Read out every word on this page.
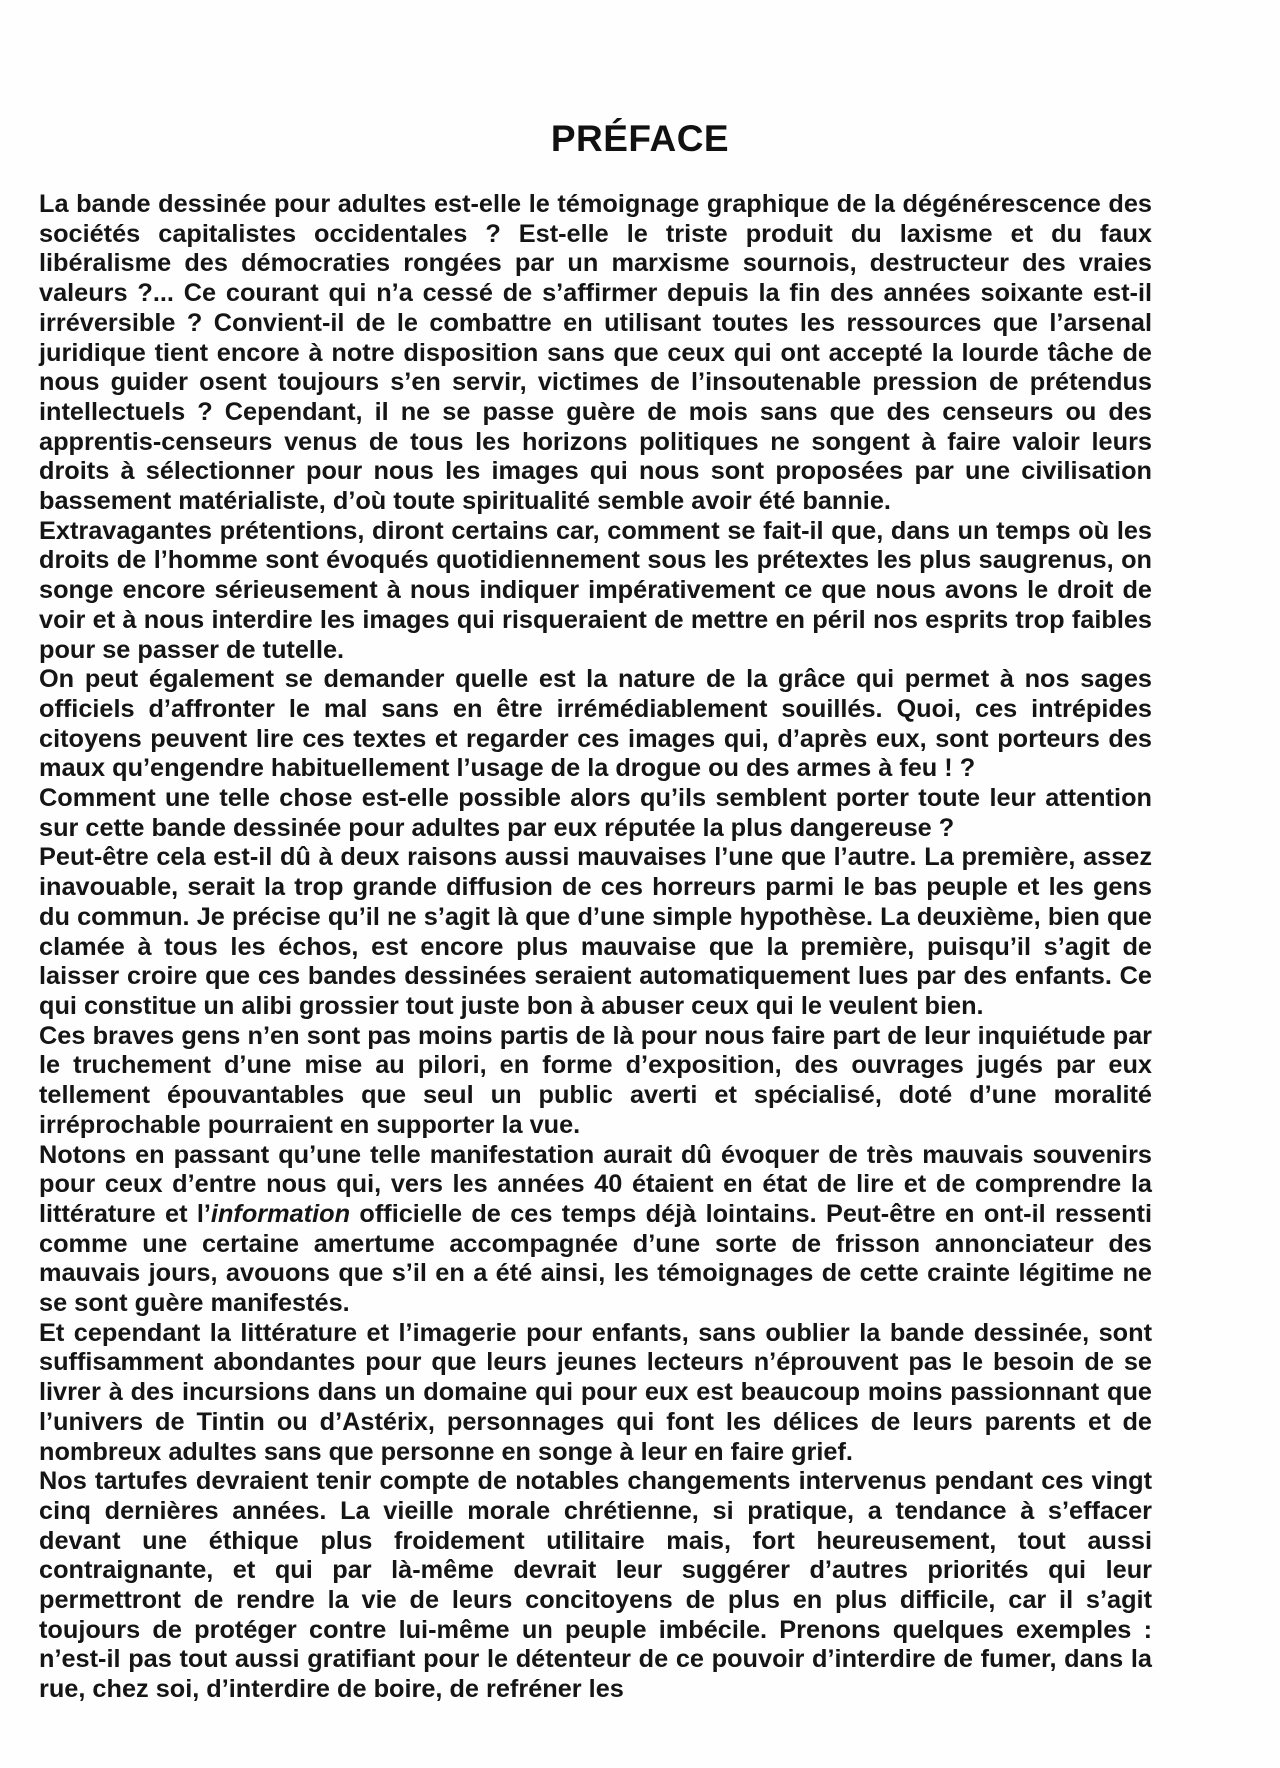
PRÉFACE

La bande dessinée pour adultes est-elle le témoignage graphique de la dégénérescence des sociétés capitalistes occidentales ? Est-elle le triste produit du laxisme et du faux libéralisme des démocraties rongées par un marxisme sournois, destructeur des vraies valeurs ?... Ce courant qui n’a cessé de s’affirmer depuis la fin des années soixante est-il irréversible ? Convient-il de le combattre en utilisant toutes les ressources que l’arsenal juridique tient encore à notre disposition sans que ceux qui ont accepté la lourde tâche de nous guider osent toujours s’en servir, victimes de l’insoutenable pression de prétendus intellectuels ? Cependant, il ne se passe guère de mois sans que des censeurs ou des apprentis-censeurs venus de tous les horizons politiques ne songent à faire valoir leurs droits à sélectionner pour nous les images qui nous sont proposées par une civilisation bassement matérialiste, d’où toute spiritualité semble avoir été bannie.

Extravagantes prétentions, diront certains car, comment se fait-il que, dans un temps où les droits de l’homme sont évoqués quotidiennement sous les prétextes les plus saugrenus, on songe encore sérieusement à nous indiquer impérativement ce que nous avons le droit de voir et à nous interdire les images qui risqueraient de mettre en péril nos esprits trop faibles pour se passer de tutelle.

On peut également se demander quelle est la nature de la grâce qui permet à nos sages officiels d’affronter le mal sans en être irrémédiablement souillés. Quoi, ces intrépides citoyens peuvent lire ces textes et regarder ces images qui, d’après eux, sont porteurs des maux qu’engendre habituellement l’usage de la drogue ou des armes à feu ! ?

Comment une telle chose est-elle possible alors qu’ils semblent porter toute leur attention sur cette bande dessinée pour adultes par eux réputée la plus dangereuse ?

Peut-être cela est-il dû à deux raisons aussi mauvaises l’une que l’autre. La première, assez inavouable, serait la trop grande diffusion de ces horreurs parmi le bas peuple et les gens du commun. Je précise qu’il ne s’agit là que d’une simple hypothèse. La deuxième, bien que clamée à tous les échos, est encore plus mauvaise que la première, puisqu’il s’agit de laisser croire que ces bandes dessinées seraient automatiquement lues par des enfants. Ce qui constitue un alibi grossier tout juste bon à abuser ceux qui le veulent bien.

Ces braves gens n’en sont pas moins partis de là pour nous faire part de leur inquiétude par le truchement d’une mise au pilori, en forme d’exposition, des ouvrages jugés par eux tellement épouvantables que seul un public averti et spécialisé, doté d’une moralité irréprochable pourraient en supporter la vue.

Notons en passant qu’une telle manifestation aurait dû évoquer de très mauvais souvenirs pour ceux d’entre nous qui, vers les années 40 étaient en état de lire et de comprendre la littérature et l’information officielle de ces temps déjà lointains. Peut-être en ont-il ressenti comme une certaine amertume accompagnée d’une sorte de frisson annonciateur des mauvais jours, avouons que s’il en a été ainsi, les témoignages de cette crainte légitime ne se sont guère manifestés.

Et cependant la littérature et l’imagerie pour enfants, sans oublier la bande dessinée, sont suffisamment abondantes pour que leurs jeunes lecteurs n’éprouvent pas le besoin de se livrer à des incursions dans un domaine qui pour eux est beaucoup moins passionnant que l’univers de Tintin ou d’Astérix, personnages qui font les délices de leurs parents et de nombreux adultes sans que personne en songe à leur en faire grief.

Nos tartufes devraient tenir compte de notables changements intervenus pendant ces vingt cinq dernières années. La vieille morale chrétienne, si pratique, a tendance à s’effacer devant une éthique plus froidement utilitaire mais, fort heureusement, tout aussi contraignante, et qui par là-même devrait leur suggérer d’autres priorités qui leur permettront de rendre la vie de leurs concitoyens de plus en plus difficile, car il s’agit toujours de protéger contre lui-même un peuple imbécile. Prenons quelques exemples : n’est-il pas tout aussi gratifiant pour le détenteur de ce pouvoir d’interdire de fumer, dans la rue, chez soi, d’interdire de boire, de refréner les
